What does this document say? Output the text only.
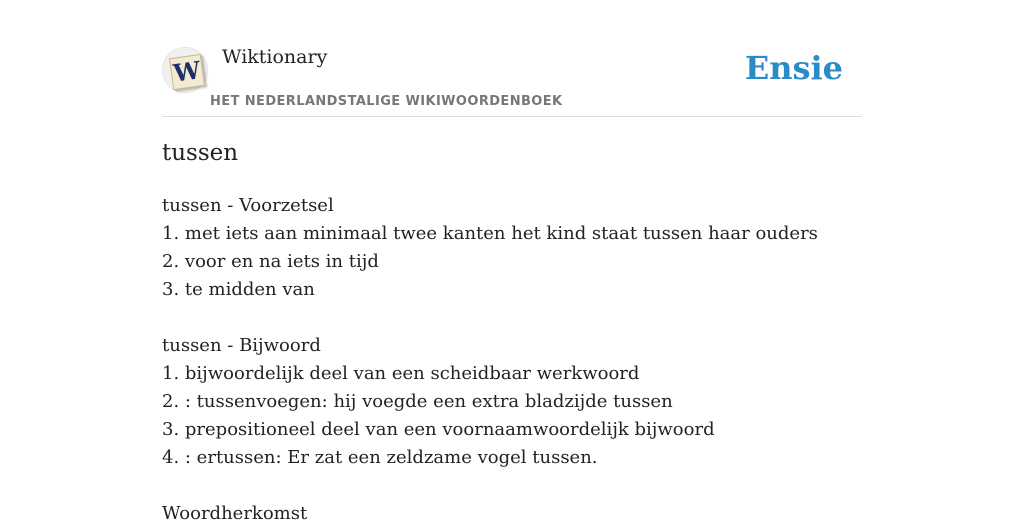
W Wiktionary
HET NEDERLANDSTALIGE WIKIWOORDENBOEK
Ensie
tussen
tussen - Voorzetsel
1. met iets aan minimaal twee kanten het kind staat tussen haar ouders
2. voor en na iets in tijd
3. te midden van
tussen - Bijwoord
1. bijwoordelijk deel van een scheidbaar werkwoord
2. : tussenvoegen: hij voegde een extra bladzijde tussen
3. prepositioneel deel van een voornaamwoordelijk bijwoord
4. : ertussen: Er zat een zeldzame vogel tussen.
Woordherkomst
